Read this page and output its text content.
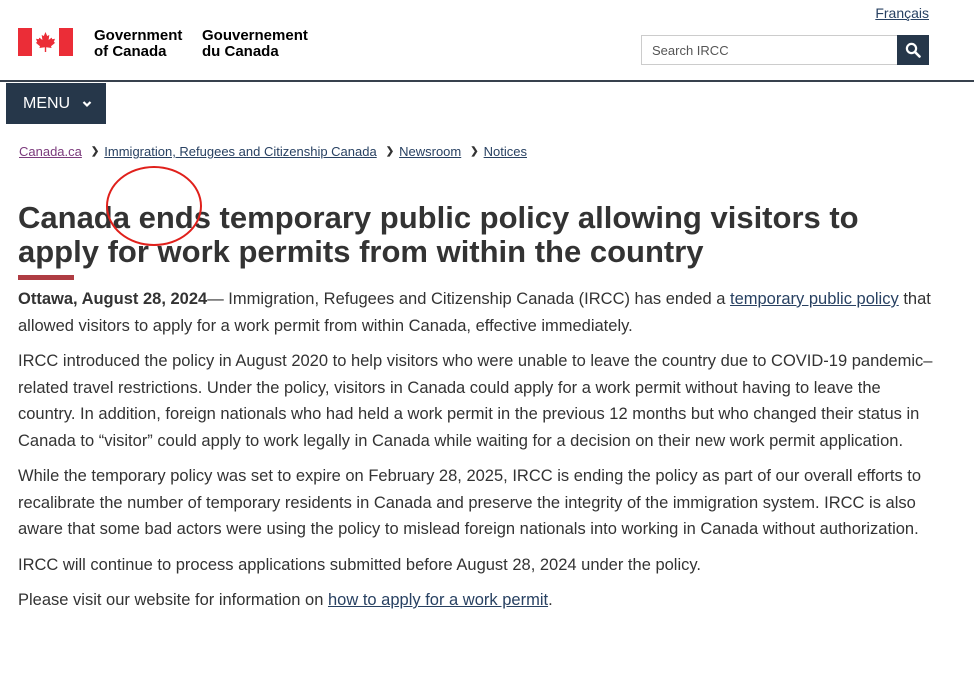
Français
Government
of Canada
Gouvernement
du Canada
Search IRCC
MENU
Canada.ca ❯ Immigration, Refugees and Citizenship Canada ❯ Newsroom ❯ Notices
Canada ends temporary public policy allowing visitors to apply for work permits from within the country

Ottawa, August 28, 2024— Immigration, Refugees and Citizenship Canada (IRCC) has ended a temporary public policy that allowed visitors to apply for a work permit from within Canada, effective immediately.

IRCC introduced the policy in August 2020 to help visitors who were unable to leave the country due to COVID-19 pandemic–related travel restrictions. Under the policy, visitors in Canada could apply for a work permit without having to leave the country. In addition, foreign nationals who had held a work permit in the previous 12 months but who changed their status in Canada to “visitor” could apply to work legally in Canada while waiting for a decision on their new work permit application.

While the temporary policy was set to expire on February 28, 2025, IRCC is ending the policy as part of our overall efforts to recalibrate the number of temporary residents in Canada and preserve the integrity of the immigration system. IRCC is also aware that some bad actors were using the policy to mislead foreign nationals into working in Canada without authorization.

IRCC will continue to process applications submitted before August 28, 2024 under the policy.

Please visit our website for information on how to apply for a work permit.
